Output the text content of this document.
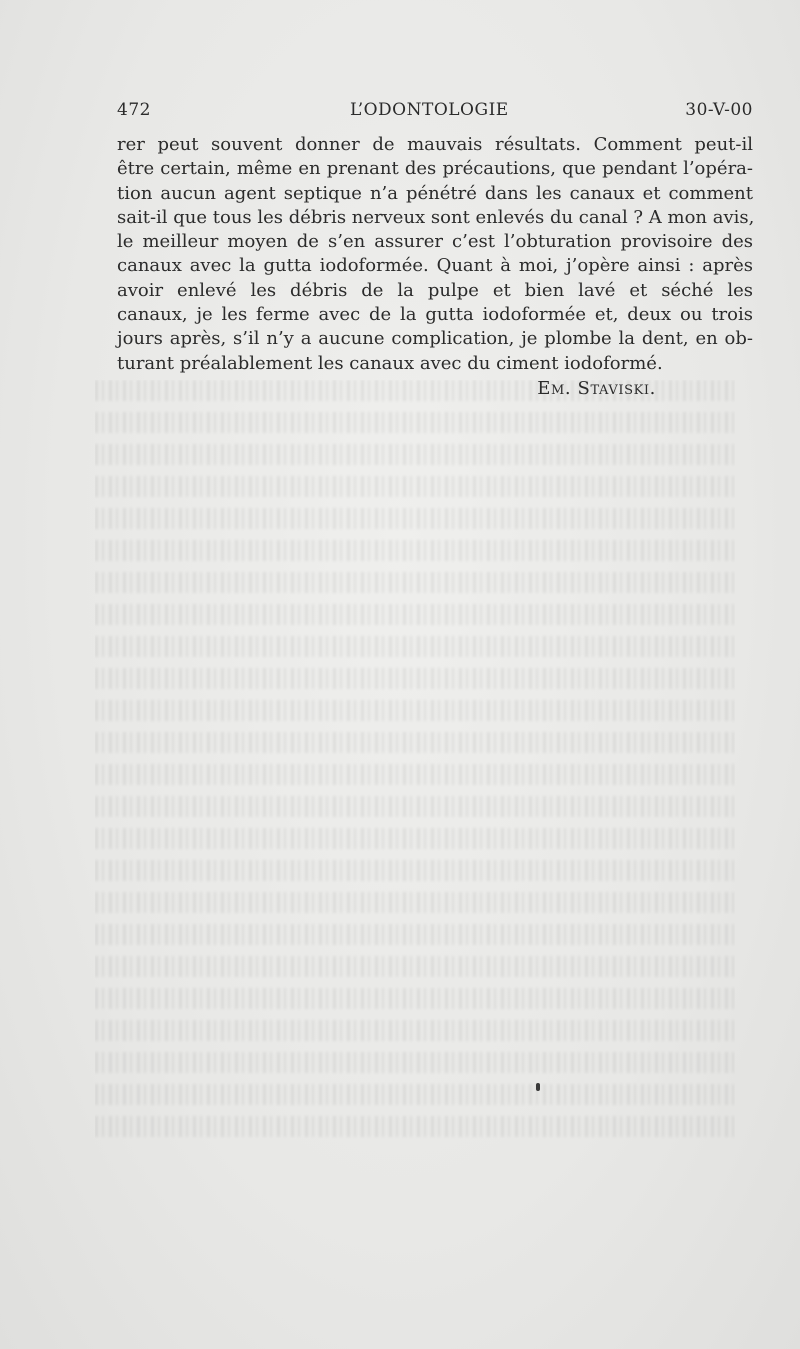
472	L’ODONTOLOGIE	30-V-00
rer peut souvent donner de mauvais résultats. Comment peut-il
être certain, même en prenant des précautions, que pendant l’opéra-
tion aucun agent septique n’a pénétré dans les canaux et comment
sait-il que tous les débris nerveux sont enlevés du canal ? A mon avis,
le meilleur moyen de s’en assurer c’est l’obturation provisoire des
canaux avec la gutta iodoformée. Quant à moi, j’opère ainsi : après
avoir enlevé les débris de la pulpe et bien lavé et séché les
canaux, je les ferme avec de la gutta iodoformée et, deux ou trois
jours après, s’il n’y a aucune complication, je plombe la dent, en ob-
turant préalablement les canaux avec du ciment iodoformé.
Em. Staviski.
